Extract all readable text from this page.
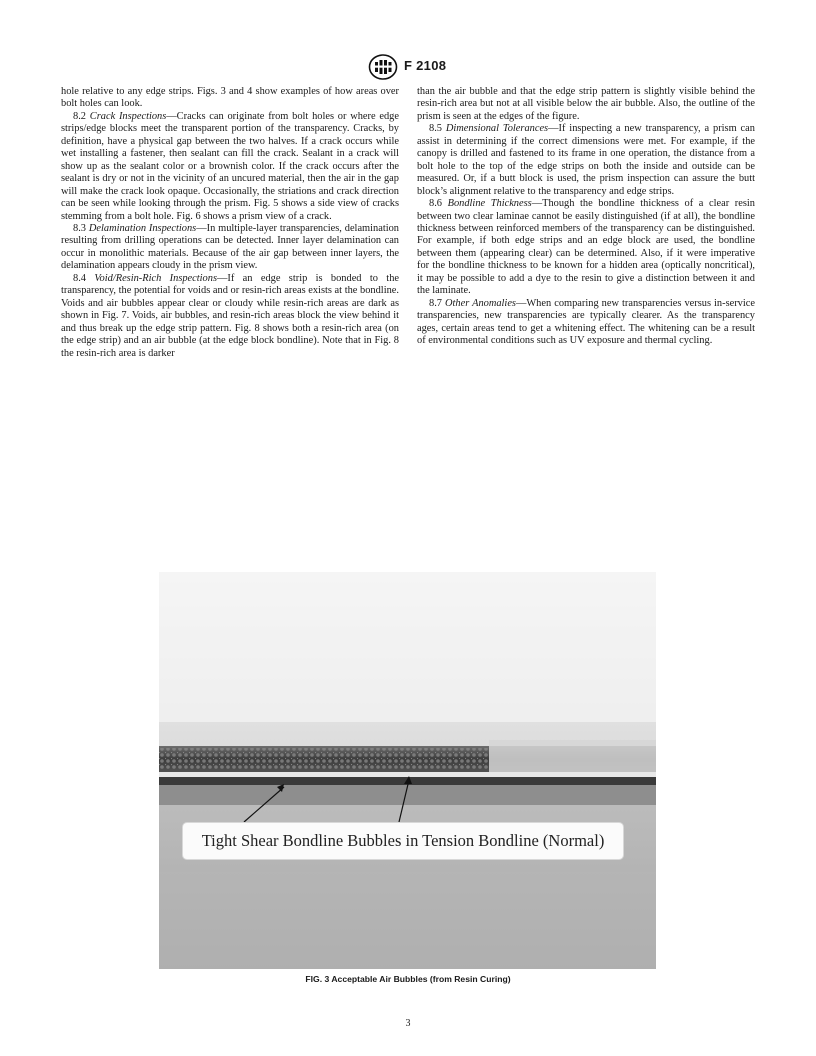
F 2108

hole relative to any edge strips. Figs. 3 and 4 show examples of how areas over bolt holes can look.

8.2 Crack Inspections—Cracks can originate from bolt holes or where edge strips/edge blocks meet the transparent portion of the transparency. Cracks, by definition, have a physical gap between the two halves. If a crack occurs while wet installing a fastener, then sealant can fill the crack. Sealant in a crack will show up as the sealant color or a brownish color. If the crack occurs after the sealant is dry or not in the vicinity of an uncured material, then the air in the gap will make the crack look opaque. Occasionally, the striations and crack direction can be seen while looking through the prism. Fig. 5 shows a side view of cracks stemming from a bolt hole. Fig. 6 shows a prism view of a crack.

8.3 Delamination Inspections—In multiple-layer transparencies, delamination resulting from drilling operations can be detected. Inner layer delamination can occur in monolithic materials. Because of the air gap between inner layers, the delamination appears cloudy in the prism view.

8.4 Void/Resin-Rich Inspections—If an edge strip is bonded to the transparency, the potential for voids and or resin-rich areas exists at the bondline. Voids and air bubbles appear clear or cloudy while resin-rich areas are dark as shown in Fig. 7. Voids, air bubbles, and resin-rich areas block the view behind it and thus break up the edge strip pattern. Fig. 8 shows both a resin-rich area (on the edge strip) and an air bubble (at the edge block bondline). Note that in Fig. 8 the resin-rich area is darker

than the air bubble and that the edge strip pattern is slightly visible behind the resin-rich area but not at all visible below the air bubble. Also, the outline of the prism is seen at the edges of the figure.

8.5 Dimensional Tolerances—If inspecting a new transparency, a prism can assist in determining if the correct dimensions were met. For example, if the canopy is drilled and fastened to its frame in one operation, the distance from a bolt hole to the top of the edge strips on both the inside and outside can be measured. Or, if a butt block is used, the prism inspection can assure the butt block’s alignment relative to the transparency and edge strips.

8.6 Bondline Thickness—Though the bondline thickness of a clear resin between two clear laminae cannot be easily distinguished (if at all), the bondline thickness between reinforced members of the transparency can be distinguished. For example, if both edge strips and an edge block are used, the bondline between them (appearing clear) can be determined. Also, if it were imperative for the bondline thickness to be known for a hidden area (optically noncritical), it may be possible to add a dye to the resin to give a distinction between it and the laminate.

8.7 Other Anomalies—When comparing new transparencies versus in-service transparencies, new transparencies are typically clearer. As the transparency ages, certain areas tend to get a whitening effect. The whitening can be a result of environmental conditions such as UV exposure and thermal cycling.

Tight Shear Bondline Bubbles in Tension Bondline (Normal)
FIG. 3 Acceptable Air Bubbles (from Resin Curing)
3
